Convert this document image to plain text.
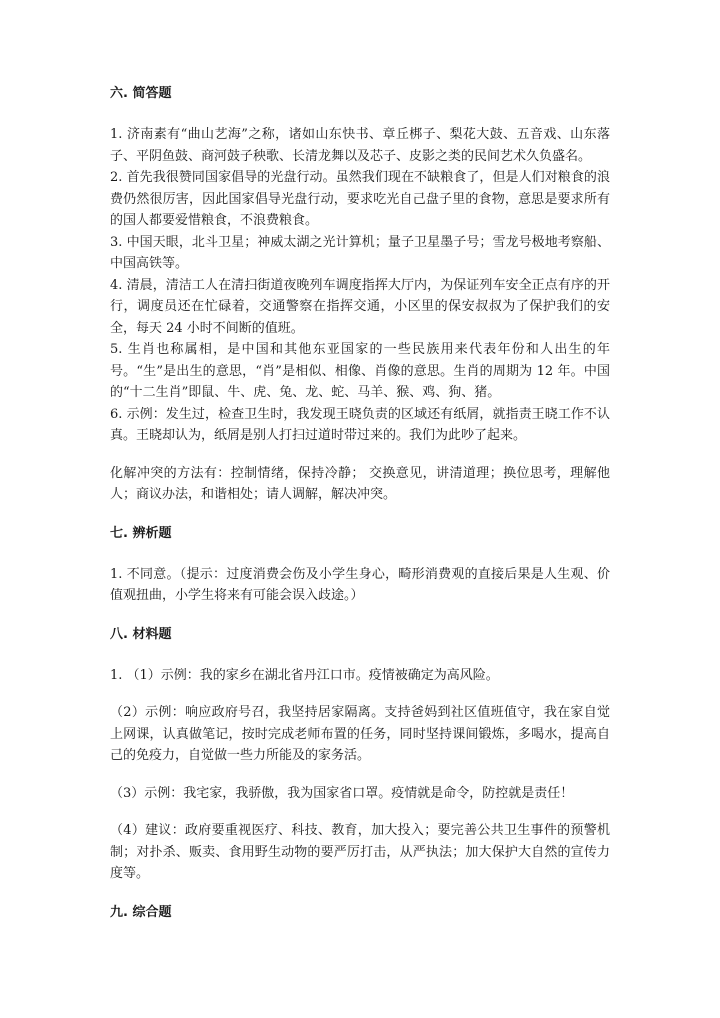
六. 简答题

1. 济南素有“曲山艺海”之称，诸如山东快书、章丘梆子、梨花大鼓、五音戏、山东落子、平阴鱼鼓、商河鼓子秧歌、长清龙舞以及芯子、皮影之类的民间艺术久负盛名。

2. 首先我很赞同国家倡导的光盘行动。虽然我们现在不缺粮食了，但是人们对粮食的浪费仍然很厉害，因此国家倡导光盘行动，要求吃光自己盘子里的食物，意思是要求所有的国人都要爱惜粮食，不浪费粮食。

3. 中国天眼，北斗卫星；神威太湖之光计算机；量子卫星墨子号；雪龙号极地考察船、中国高铁等。

4. 清晨，清洁工人在清扫街道夜晚列车调度指挥大厅内，为保证列车安全正点有序的开行，调度员还在忙碌着，交通警察在指挥交通，小区里的保安叔叔为了保护我们的安全，每天 24 小时不间断的值班。

5. 生肖也称属相，是中国和其他东亚国家的一些民族用来代表年份和人出生的年号。“生”是出生的意思，“肖”是相似、相像、肖像的意思。生肖的周期为 12 年。中国的“十二生肖”即鼠、牛、虎、兔、龙、蛇、马羊、猴、鸡、狗、猪。

6. 示例：发生过，检查卫生时，我发现王晓负责的区域还有纸屑，就指责王晓工作不认真。王晓却认为，纸屑是别人打扫过道时带过来的。我们为此吵了起来。

化解冲突的方法有：控制情绪，保持冷静； 交换意见，讲清道理；换位思考，理解他人；商议办法，和谐相处；请人调解，解决冲突。

七. 辨析题

1. 不同意。（提示：过度消费会伤及小学生身心，畸形消费观的直接后果是人生观、价值观扭曲，小学生将来有可能会误入歧途。）

八. 材料题

1. （1）示例：我的家乡在湖北省丹江口市。疫情被确定为高风险。

（2）示例：响应政府号召，我坚持居家隔离。支持爸妈到社区值班值守，我在家自觉上网课，认真做笔记，按时完成老师布置的任务，同时坚持课间锻炼，多喝水，提高自己的免疫力，自觉做一些力所能及的家务活。

（3）示例：我宅家，我骄傲，我为国家省口罩。疫情就是命令，防控就是责任！

（4）建议：政府要重视医疗、科技、教育，加大投入；要完善公共卫生事件的预警机制；对扑杀、贩卖、食用野生动物的要严厉打击，从严执法；加大保护大自然的宣传力度等。

九. 综合题
